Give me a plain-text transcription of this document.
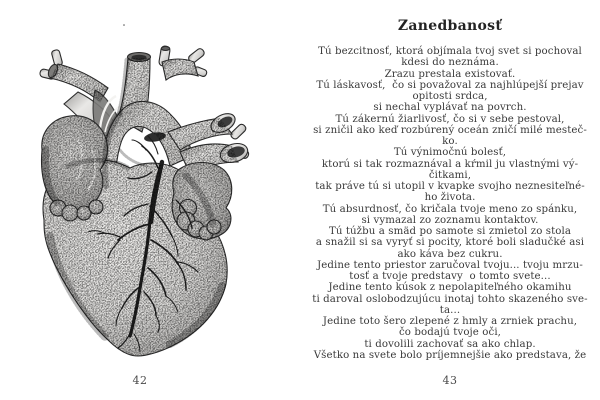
42
Zanedbanosť
Tú bezcitnosť, ktorá objímala tvoj svet si pochoval
kdesi do neznáma.
Zrazu prestala existovať.
Tú láskavosť,  čo si považoval za najhlúpejší prejav
opitosti srdca,
si nechal vyplávať na povrch.
Tú zákernú žiarlivosť, čo si v sebe pestoval,
si zničil ako keď rozbúrený oceán zničí milé mesteč-
ko.
Tú výnimočnú bolesť,
ktorú si tak rozmaznával a kŕmil ju vlastnými vý-
čitkami,
tak práve tú si utopil v kvapke svojho neznesiteľné-
ho života.
Tú absurdnosť, čo kričala tvoje meno zo spánku,
si vymazal zo zoznamu kontaktov.
Tú túžbu a smäd po samote si zmietol zo stola
a snažil si sa vyryť si pocity, ktoré boli sladučké asi
ako káva bez cukru.
Jedine tento priestor zaručoval tvoju... tvoju mrzu-
tosť a tvoje predstavy  o tomto svete...
Jedine tento kúsok z nepolapiteľného okamihu
ti daroval oslobodzujúcu inotaj tohto skazeného sve-
ta...
Jedine toto šero zlepené z hmly a zrniek prachu,
čo bodajú tvoje oči,
ti dovolili zachovať sa ako chlap.
Všetko na svete bolo príjemnejšie ako predstava, že
43
